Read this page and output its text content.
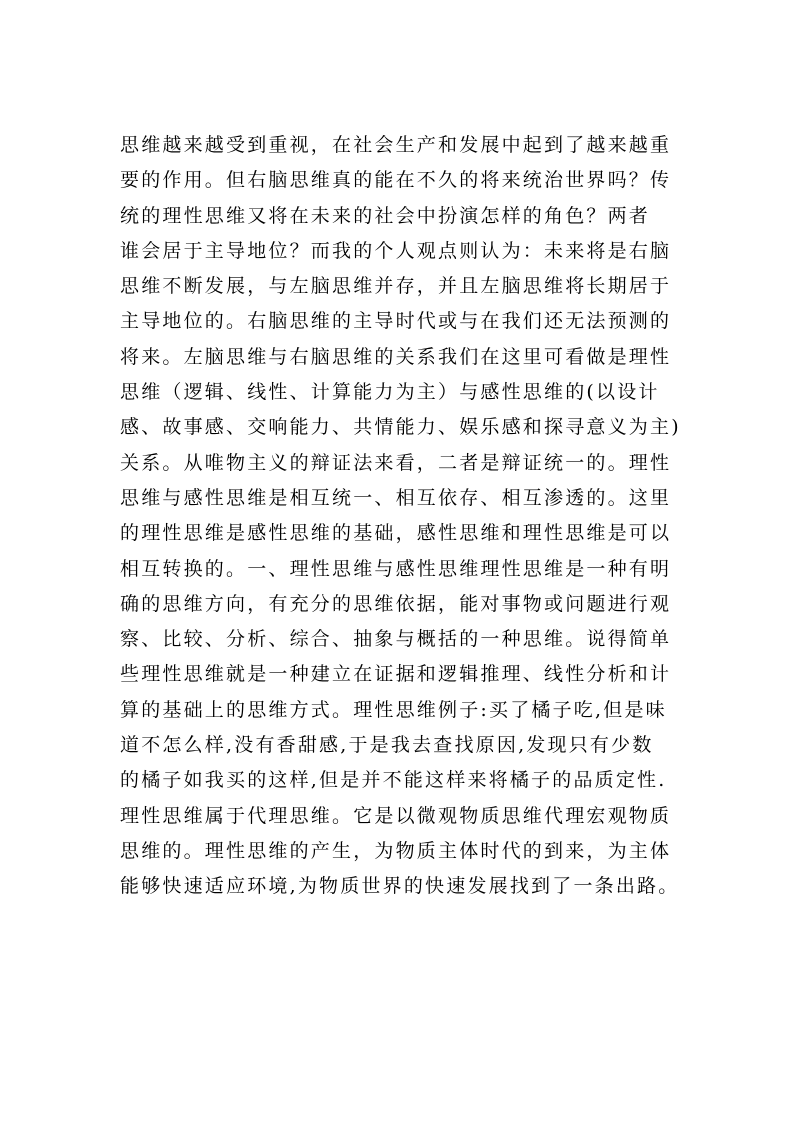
思维越来越受到重视，在社会生产和发展中起到了越来越重
要的作用。但右脑思维真的能在不久的将来统治世界吗？传
统的理性思维又将在未来的社会中扮演怎样的角色？两者
谁会居于主导地位？而我的个人观点则认为：未来将是右脑
思维不断发展，与左脑思维并存，并且左脑思维将长期居于
主导地位的。右脑思维的主导时代或与在我们还无法预测的
将来。左脑思维与右脑思维的关系我们在这里可看做是理性
思维（逻辑、线性、计算能力为主）与感性思维的(以设计
感、故事感、交响能力、共情能力、娱乐感和探寻意义为主)
关系。从唯物主义的辩证法来看，二者是辩证统一的。理性
思维与感性思维是相互统一、相互依存、相互渗透的。这里
的理性思维是感性思维的基础，感性思维和理性思维是可以
相互转换的。一、理性思维与感性思维理性思维是一种有明
确的思维方向，有充分的思维依据，能对事物或问题进行观
察、比较、分析、综合、抽象与概括的一种思维。说得简单
些理性思维就是一种建立在证据和逻辑推理、线性分析和计
算的基础上的思维方式。理性思维例子:买了橘子吃,但是味
道不怎么样,没有香甜感,于是我去查找原因,发现只有少数
的橘子如我买的这样,但是并不能这样来将橘子的品质定性.
理性思维属于代理思维。它是以微观物质思维代理宏观物质
思维的。理性思维的产生，为物质主体时代的到来，为主体
能够快速适应环境,为物质世界的快速发展找到了一条出路。
